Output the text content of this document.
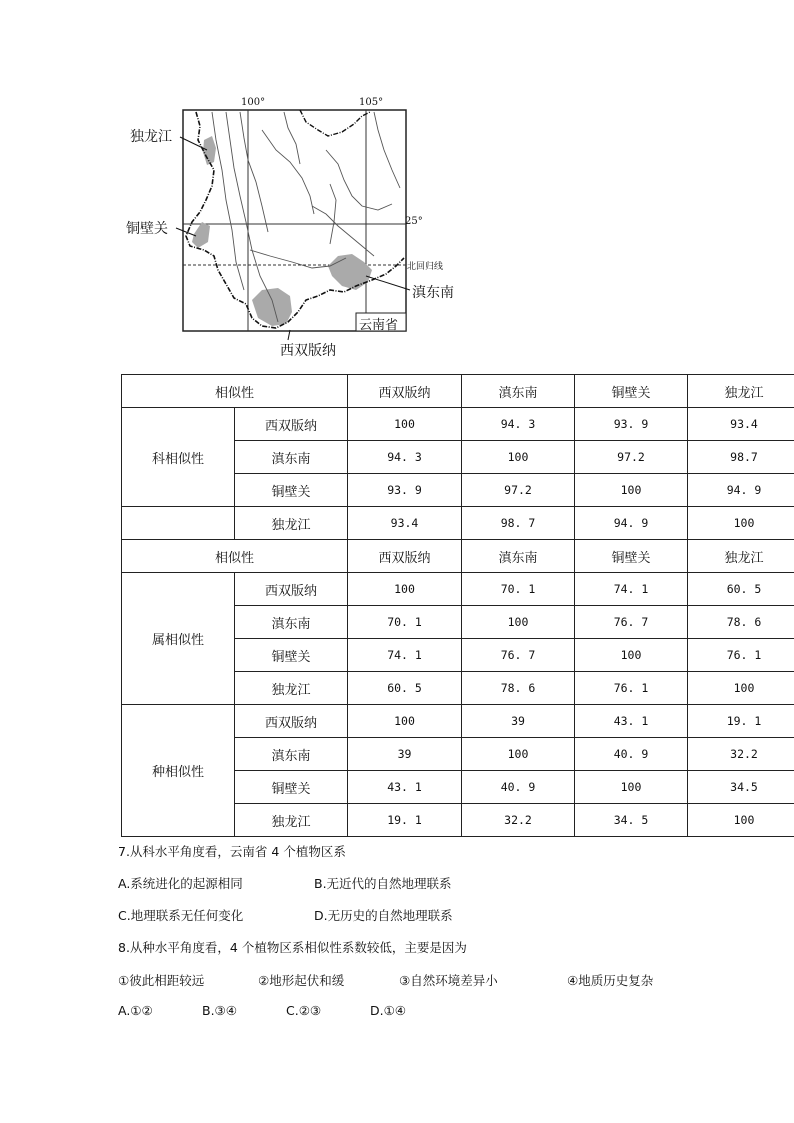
独龙江
铜壁关
滇东南
西双版纳
100°	105°
25°
北回归线
云南省
相似性		西双版纳	滇东南	铜壁关	独龙江
科相似性	西双版纳	100	94. 3	93. 9	93.4
	滇东南	94. 3	100	97.2	98.7
	铜壁关	93. 9	97.2	100	94. 9
	独龙江	93.4	98. 7	94. 9	100
相似性		西双版纳	滇东南	铜壁关	独龙江
属相似性	西双版纳	100	70. 1	74. 1	60. 5
	滇东南	70. 1	100	76. 7	78. 6
	铜壁关	74. 1	76. 7	100	76. 1
	独龙江	60. 5	78. 6	76. 1	100
种相似性	西双版纳	100	39	43. 1	19. 1
	滇东南	39	100	40. 9	32.2
	铜壁关	43. 1	40. 9	100	34.5
	独龙江	19. 1	32.2	34. 5	100
7.从科水平角度看，云南省 4 个植物区系
A.系统进化的起源相同	B.无近代的自然地理联系
C.地理联系无任何变化	D.无历史的自然地理联系
8.从种水平角度看，4 个植物区系相似性系数较低，主要是因为
①彼此相距较远	②地形起伏和缓	③自然环境差异小	④地质历史复杂
A.①②	B.③④	C.②③	D.①④
